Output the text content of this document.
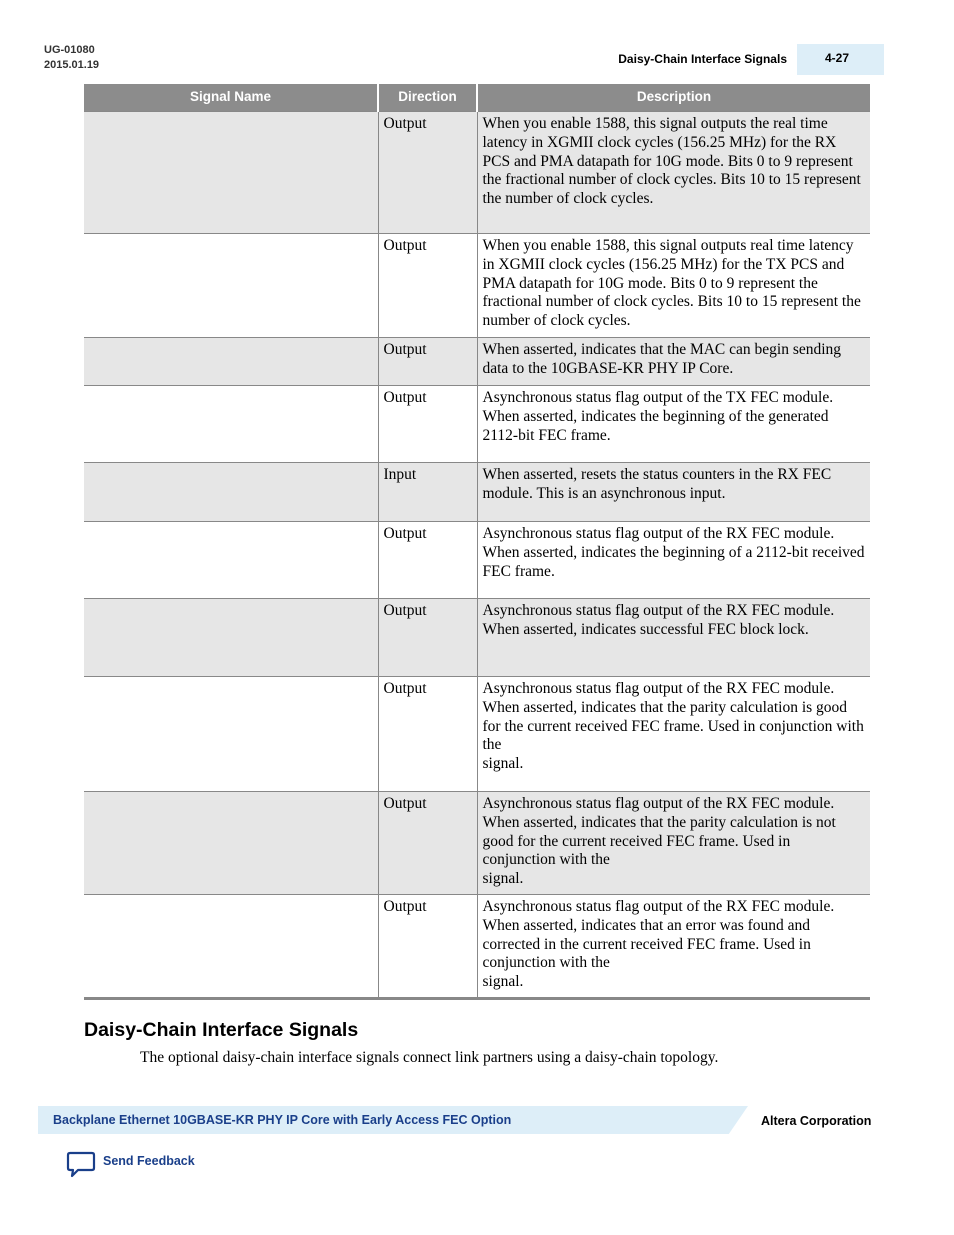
UG-01080
2015.01.19	Daisy-Chain Interface Signals	4-27
Signal Name	Direction	Description
	Output	When you enable 1588, this signal outputs the real time latency in XGMII clock cycles (156.25 MHz) for the RX PCS and PMA datapath for 10G mode. Bits 0 to 9 represent the fractional number of clock cycles. Bits 10 to 15 represent the number of clock cycles.
	Output	When you enable 1588, this signal outputs real time latency in XGMII clock cycles (156.25 MHz) for the TX PCS and PMA datapath for 10G mode. Bits 0 to 9 represent the fractional number of clock cycles. Bits 10 to 15 represent the number of clock cycles.
	Output	When asserted, indicates that the MAC can begin sending data to the 10GBASE-KR PHY IP Core.
	Output	Asynchronous status flag output of the TX FEC module. When asserted, indicates the beginning of the generated 2112-bit FEC frame.
	Input	When asserted, resets the status counters in the RX FEC module. This is an asynchronous input.
	Output	Asynchronous status flag output of the RX FEC module. When asserted, indicates the beginning of a 2112-bit received FEC frame.
	Output	Asynchronous status flag output of the RX FEC module. When asserted, indicates successful FEC block lock.
	Output	Asynchronous status flag output of the RX FEC module. When asserted, indicates that the parity calculation is good for the current received FEC frame. Used in conjunction with the
signal.
	Output	Asynchronous status flag output of the RX FEC module. When asserted, indicates that the parity calculation is not good for the current received FEC frame. Used in conjunction with the
signal.
	Output	Asynchronous status flag output of the RX FEC module. When asserted, indicates that an error was found and corrected in the current received FEC frame. Used in conjunction with the
signal.
Daisy-Chain Interface Signals
The optional daisy-chain interface signals connect link partners using a daisy-chain topology.
Backplane Ethernet 10GBASE-KR PHY IP Core with Early Access FEC Option	Altera Corporation
Send Feedback
